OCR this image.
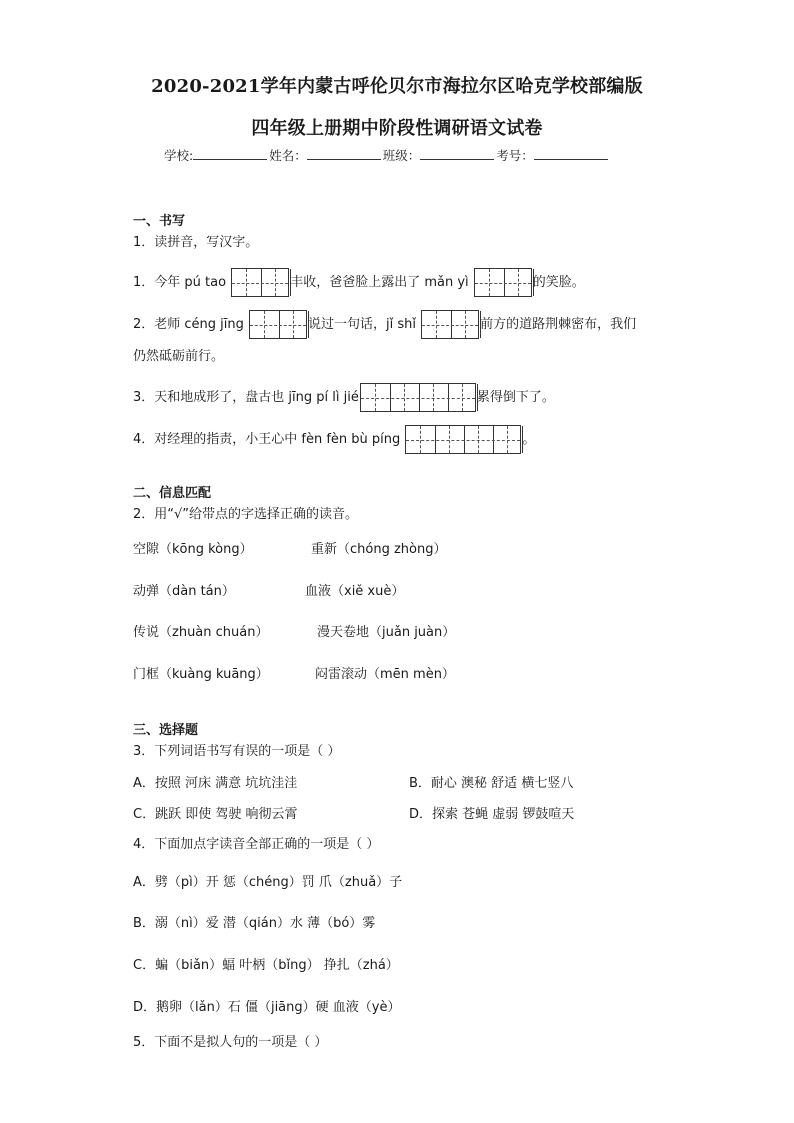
2020-2021学年内蒙古呼伦贝尔市海拉尔区哈克学校部编版
四年级上册期中阶段性调研语文试卷
学校:	姓名：	班级：	考号：
一、书写
1．读拼音，写汉字。
1．今年 pú tao	丰收，爸爸脸上露出了 mǎn yì	的笑脸。
2．老师 céng jīng	说过一句话，jǐ shǐ	前方的道路荆棘密布，我们
仍然砥砺前行。
3．天和地成形了，盘古也 jīng pí lì jié	累得倒下了。
4．对经理的指责，小王心中 fèn fèn bù píng	。
二、信息匹配
2．用“√”给带点的字选择正确的读音。
空隙（kōng kòng）	重新（chóng zhòng）
动弹（dàn tán）	血液（xiě xuè）
传说（zhuàn chuán）	漫天卷地（juǎn juàn）
门框（kuàng kuāng）	闷雷滚动（mēn mèn）
三、选择题
3．下列词语书写有误的一项是（ ）
A．按照 河床 满意 坑坑洼洼	B．耐心 澳秘 舒适 横七竖八
C．跳跃 即使 驾驶 响彻云霄	D．探索 苍蝇 虚弱 锣鼓喧天
4．下面加点字读音全部正确的一项是（ ）
A．劈（pì）开 惩（chéng）罚 爪（zhuǎ）子
B．溺（nì）爱 潜（qián）水 薄（bó）雾
C．蝙（biǎn）蝠 叶柄（bǐng） 挣扎（zhá）
D．鹅卵（lǎn）石 僵（jiāng）硬 血液（yè）
5．下面不是拟人句的一项是（ ）
